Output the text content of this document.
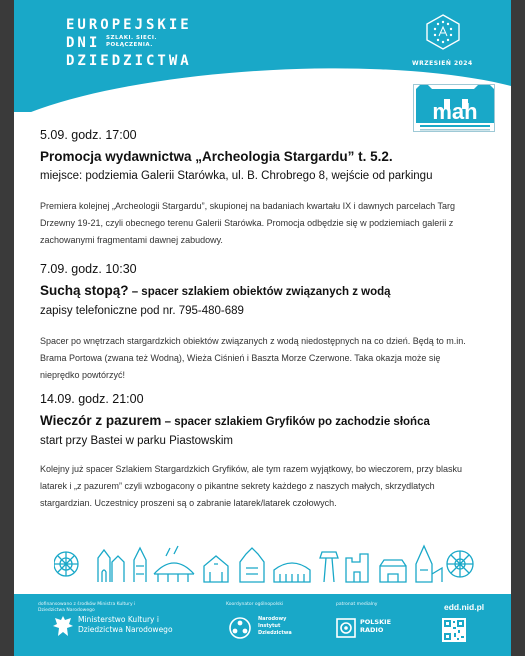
EUROPEJSKIE
DNI	SZLAKI. SIECI. POŁĄCZENIA.
DZIEDZICTWA	WRZESIEŃ 2024
mah
5.09. godz. 17:00
Promocja wydawnictwa „Archeologia Stargardu” t. 5.2.
miejsce: podziemia Galerii Starówka, ul. B. Chrobrego 8, wejście od parkingu
Premiera kolejnej „Archeologii Stargardu”, skupionej na badaniach kwartału IX i dawnych parcelach Targ Drzewny 19-21, czyli obecnego terenu Galerii Starówka. Promocja odbędzie się w podziemiach galerii z zachowanymi fragmentami dawnej zabudowy.
7.09. godz. 10:30
Suchą stopą? – spacer szlakiem obiektów związanych z wodą
zapisy telefoniczne pod nr. 795-480-689
Spacer po wnętrzach stargardzkich obiektów związanych z wodą niedostępnych na co dzień. Będą to m.in. Brama Portowa (zwana też Wodną), Wieża Ciśnień i Baszta Morze Czerwone. Taka okazja może się nieprędko powtórzyć!
14.09. godz. 21:00
Wieczór z pazurem – spacer szlakiem Gryfików po zachodzie słońca
start przy Bastei w parku Piastowskim
Kolejny już spacer Szlakiem Stargardzkich Gryfików, ale tym razem wyjątkowy, bo wieczorem, przy blasku latarek i „z pazurem” czyli wzbogacony o pikantne sekrety każdego z naszych małych, skrzydlatych stargardzian. Uczestnicy proszeni są o zabranie latarek/latarek czołowych.
dofinansowano z środków Ministra Kultury i Dziedzictwa Narodowego
Ministerstwo Kultury i Dziedzictwa Narodowego
Koordynator ogólnopolski
Narodowy Instytut Dziedzictwa
patronat medialny
POLSKIE RADIO
edd.nid.pl
